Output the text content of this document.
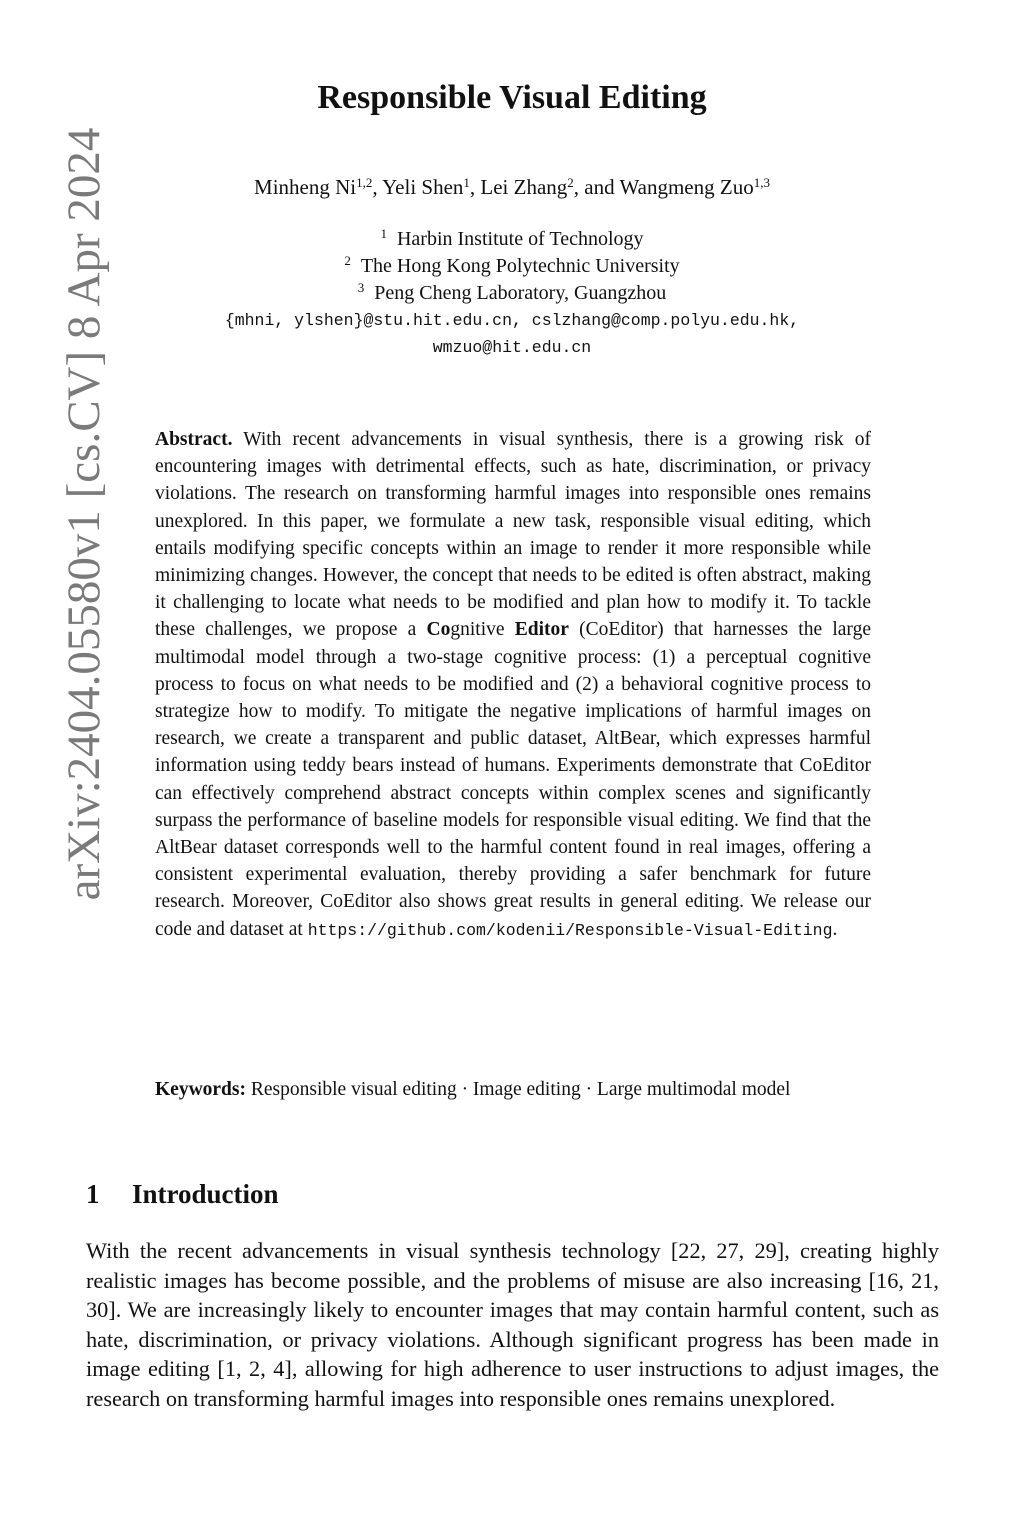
arXiv:2404.05580v1 [cs.CV] 8 Apr 2024
Responsible Visual Editing
Minheng Ni$^{1,2}$, Yeli Shen$^1$, Lei Zhang$^2$, and Wangmeng Zuo$^{1,3}$
$^1$ Harbin Institute of Technology
$^2$ The Hong Kong Polytechnic University
$^3$ Peng Cheng Laboratory, Guangzhou
{mhni, ylshen}@stu.hit.edu.cn, cslzhang@comp.polyu.edu.hk,
wmzuo@hit.edu.cn

Abstract. With recent advancements in visual synthesis, there is a growing risk of encountering images with detrimental effects, such as hate, discrimination, or privacy violations. The research on transforming harmful images into responsible ones remains unexplored. In this paper, we formulate a new task, responsible visual editing, which entails modifying specific concepts within an image to render it more responsible while minimizing changes. However, the concept that needs to be edited is often abstract, making it challenging to locate what needs to be modified and plan how to modify it. To tackle these challenges, we propose a Cognitive Editor (CoEditor) that harnesses the large multimodal model through a two-stage cognitive process: (1) a perceptual cognitive process to focus on what needs to be modified and (2) a behavioral cognitive process to strategize how to modify. To mitigate the negative implications of harmful images on research, we create a transparent and public dataset, AltBear, which expresses harmful information using teddy bears instead of humans. Experiments demonstrate that CoEditor can effectively comprehend abstract concepts within complex scenes and significantly surpass the performance of baseline models for responsible visual editing. We find that the AltBear dataset corresponds well to the harmful content found in real images, offering a consistent experimental evaluation, thereby providing a safer benchmark for future research. Moreover, CoEditor also shows great results in general editing. We release our code and dataset at https://github.com/kodenii/Responsible-Visual-Editing.

Keywords: Responsible visual editing · Image editing · Large multimodal model

1 Introduction

With the recent advancements in visual synthesis technology [22, 27, 29], creating highly realistic images has become possible, and the problems of misuse are also increasing [16, 21, 30]. We are increasingly likely to encounter images that may contain harmful content, such as hate, discrimination, or privacy violations. Although significant progress has been made in image editing [1, 2, 4], allowing for high adherence to user instructions to adjust images, the research on transforming harmful images into responsible ones remains unexplored.
